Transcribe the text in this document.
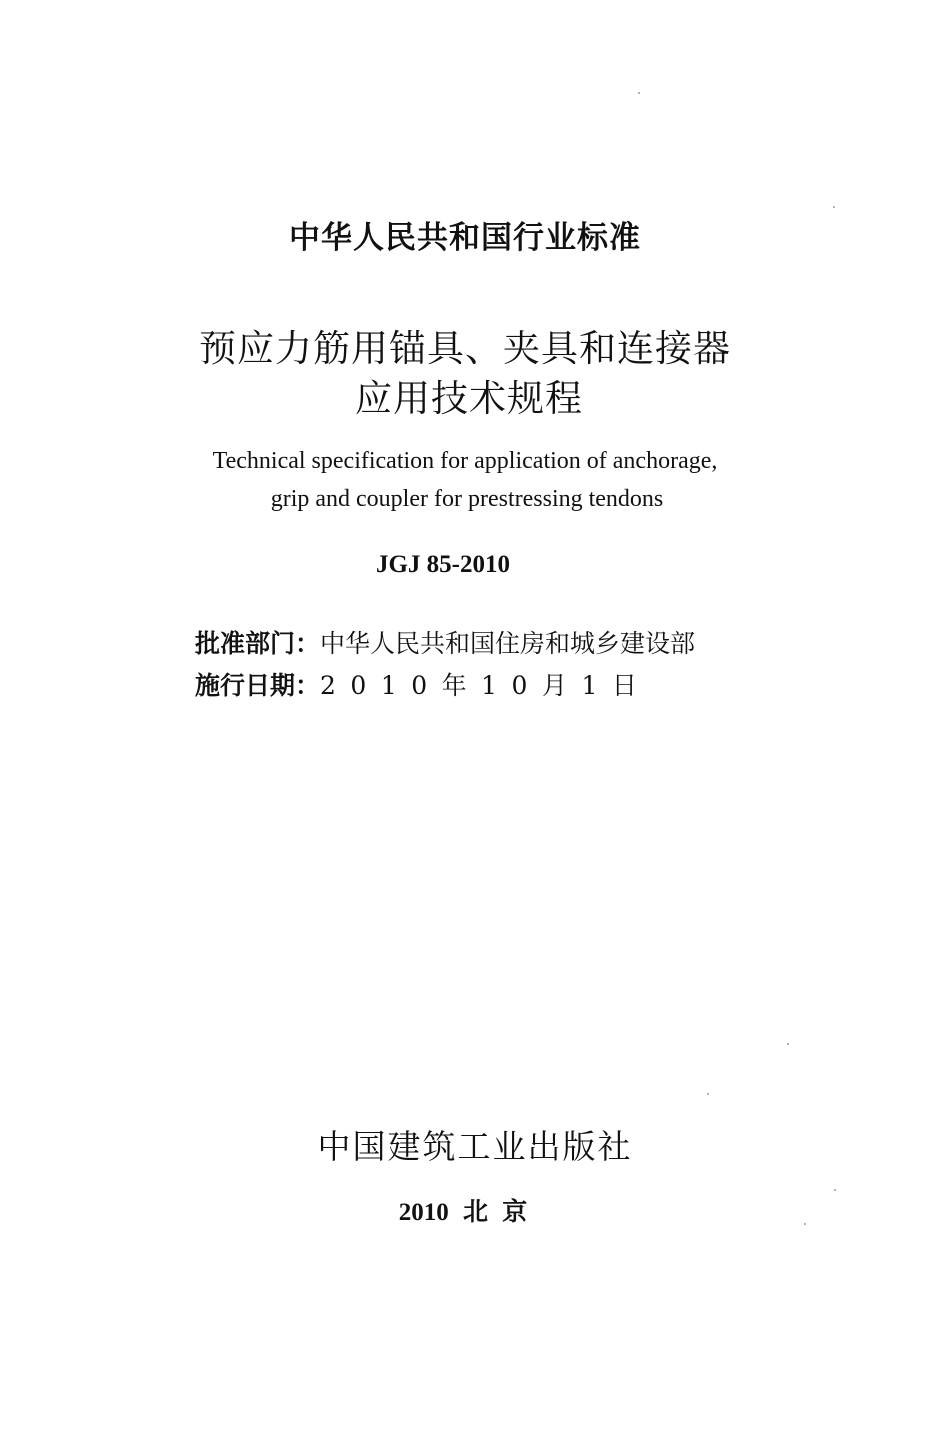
中华人民共和国行业标准
预应力筋用锚具、夹具和连接器
应用技术规程
Technical specification for application of anchorage,
grip and coupler for prestressing tendons
JGJ 85-2010
批准部门：中华人民共和国住房和城乡建设部
施行日期：2010年10月1日
中国建筑工业出版社
2010 北 京
